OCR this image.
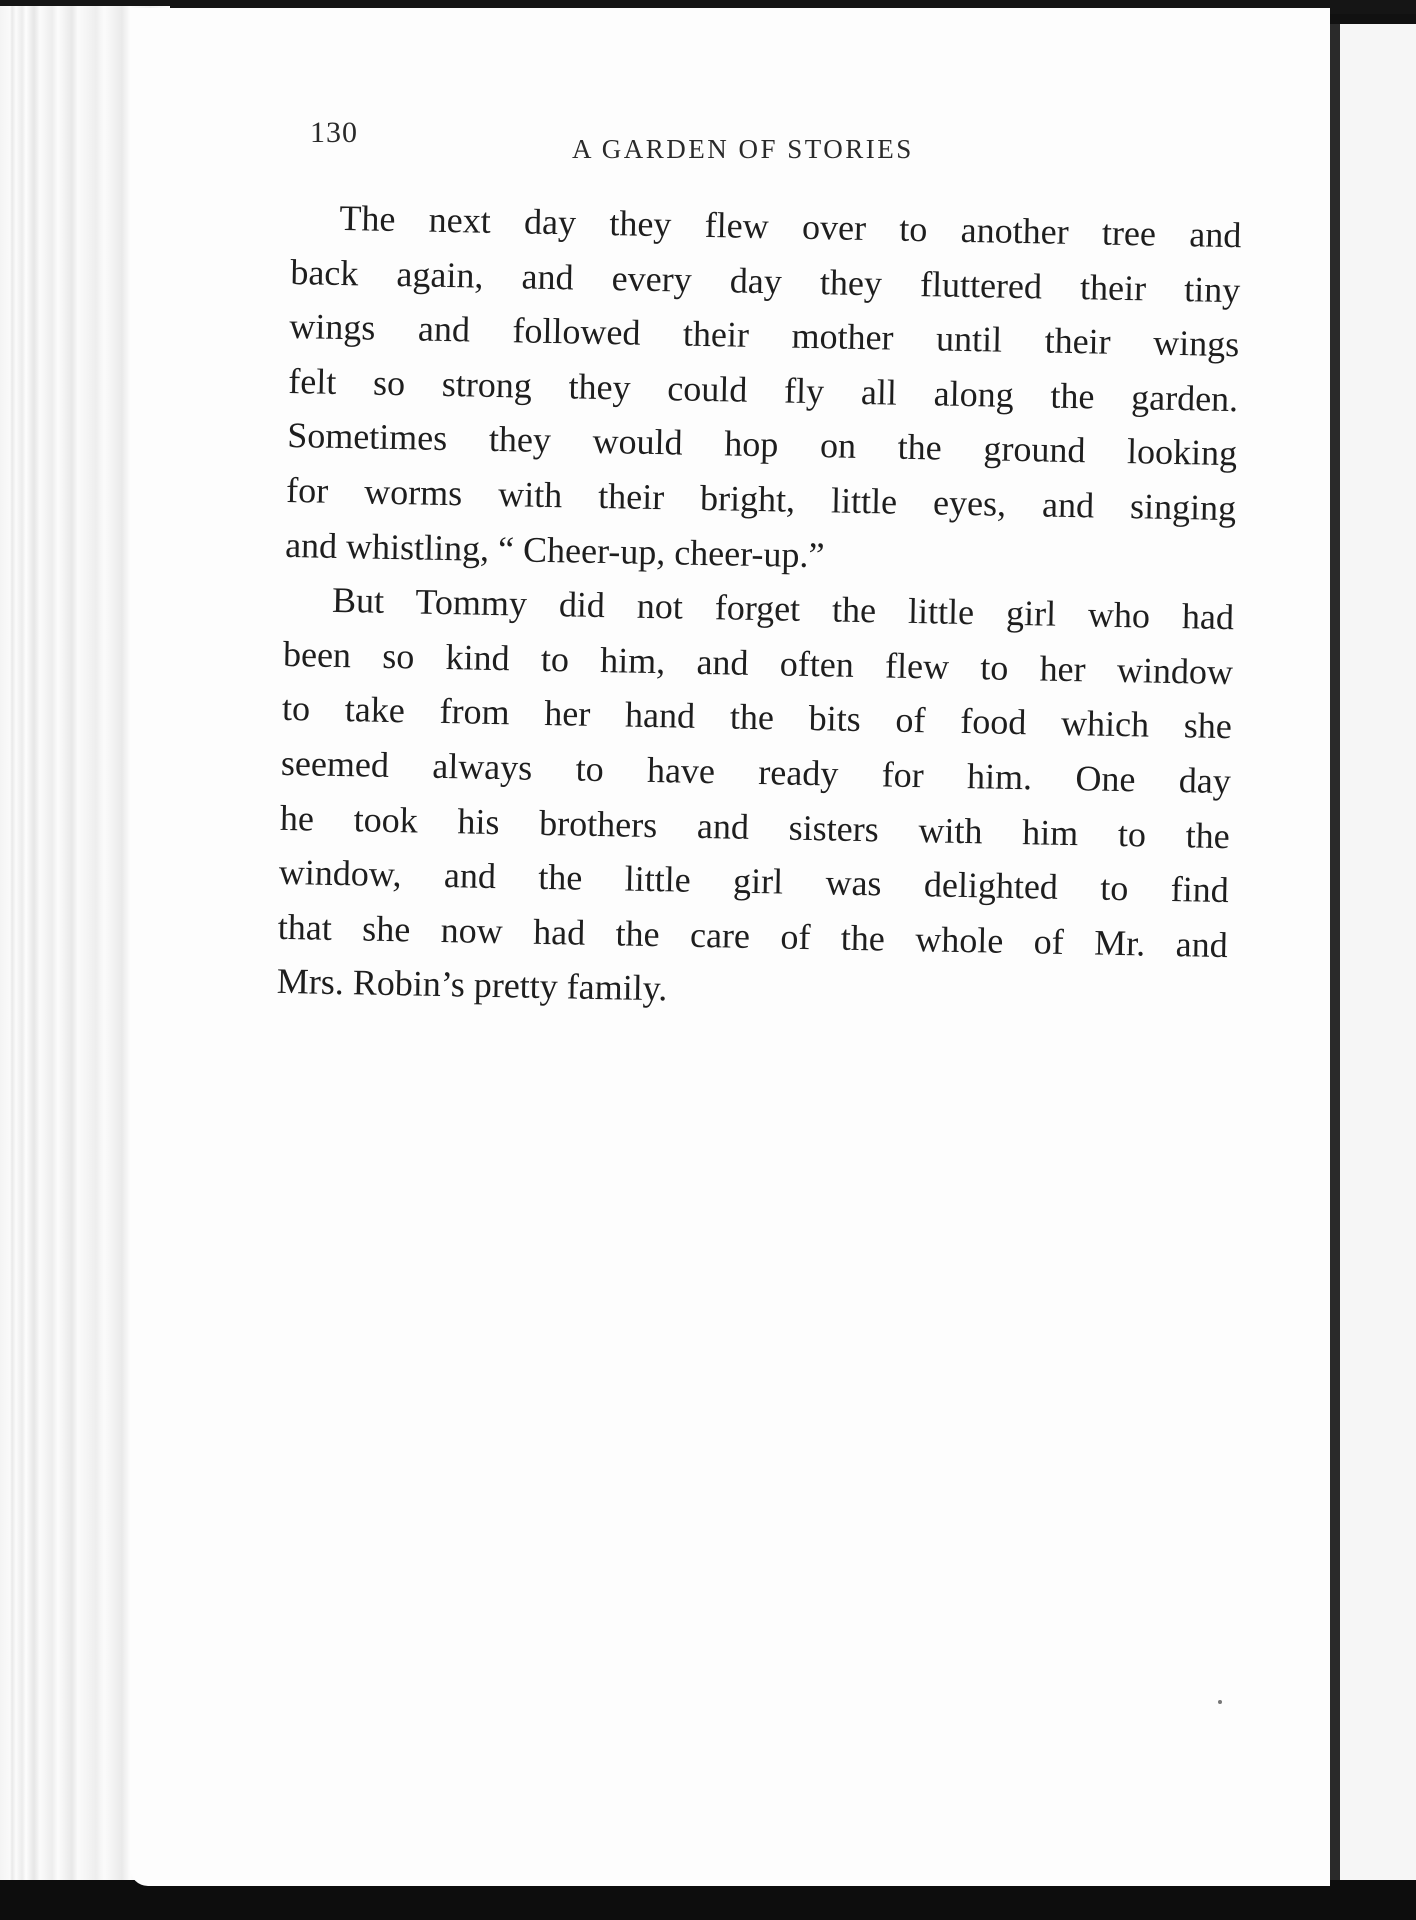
130	A GARDEN OF STORIES
The next day they flew over to another tree and
back again, and every day they fluttered their tiny
wings and followed their mother until their wings
felt so strong they could fly all along the garden.
Sometimes they would hop on the ground looking
for worms with their bright, little eyes, and singing
and whistling, “ Cheer-up, cheer-up.”
But Tommy did not forget the little girl who had
been so kind to him, and often flew to her window
to take from her hand the bits of food which she
seemed always to have ready for him. One day
he took his brothers and sisters with him to the
window, and the little girl was delighted to find
that she now had the care of the whole of Mr. and
Mrs. Robin’s pretty family.
